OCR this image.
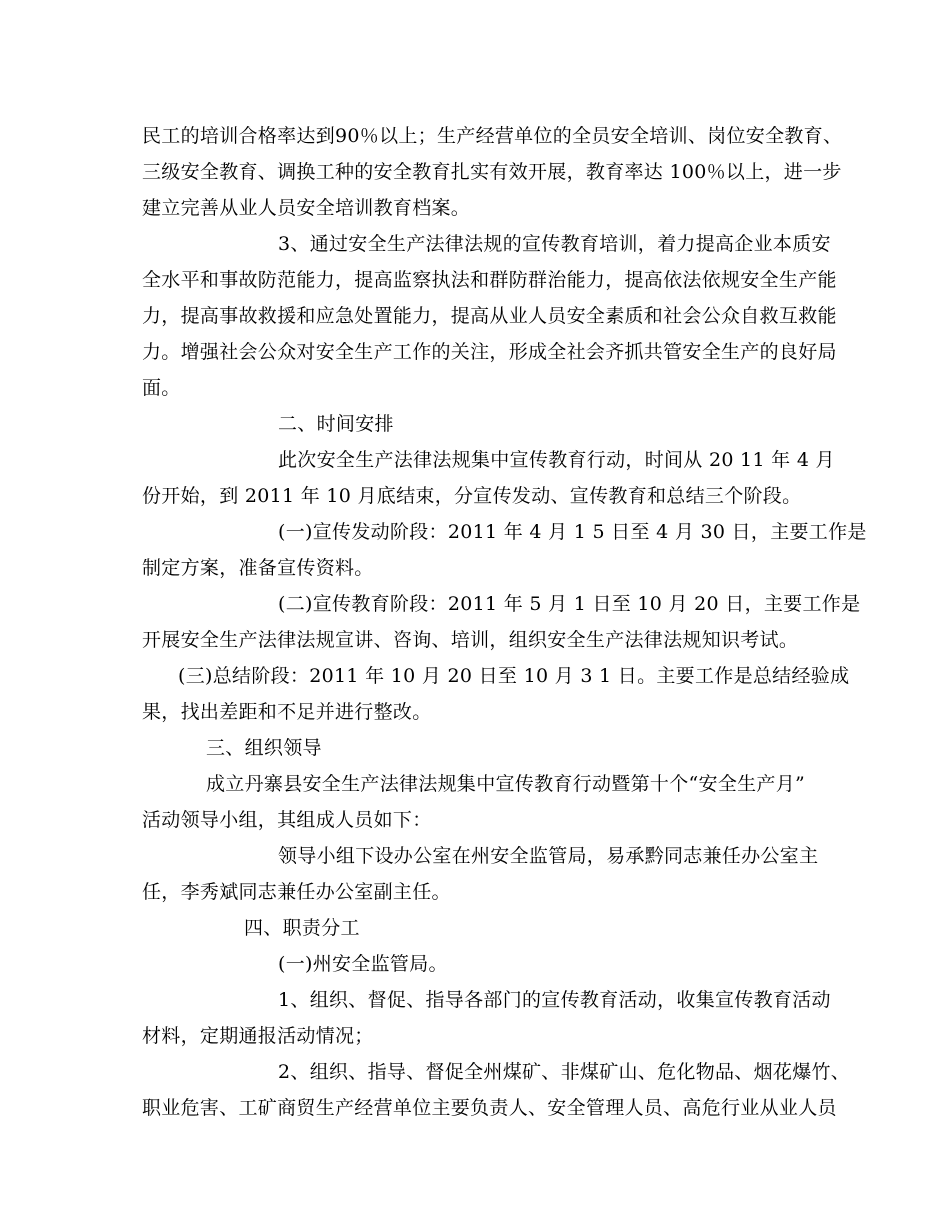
民工的培训合格率达到90％以上；生产经营单位的全员安全培训、岗位安全教育、
三级安全教育、调换工种的安全教育扎实有效开展，教育率达 100％以上，进一步
建立完善从业人员安全培训教育档案。
3、通过安全生产法律法规的宣传教育培训，着力提高企业本质安
全水平和事故防范能力，提高监察执法和群防群治能力，提高依法依规安全生产能
力，提高事故救援和应急处置能力，提高从业人员安全素质和社会公众自救互救能
力。增强社会公众对安全生产工作的关注，形成全社会齐抓共管安全生产的良好局
面。
二、时间安排
此次安全生产法律法规集中宣传教育行动，时间从 20 11 年 4 月
份开始，到 2011 年 10 月底结束，分宣传发动、宣传教育和总结三个阶段。
(一)宣传发动阶段：2011 年 4 月 1 5 日至 4 月 30 日，主要工作是
制定方案，准备宣传资料。
(二)宣传教育阶段：2011 年 5 月 1 日至 10 月 20 日，主要工作是
开展安全生产法律法规宣讲、咨询、培训，组织安全生产法律法规知识考试。
(三)总结阶段：2011 年 10 月 20 日至 10 月 3 1 日。主要工作是总结经验成
果，找出差距和不足并进行整改。
三、组织领导
成立丹寨县安全生产法律法规集中宣传教育行动暨第十个“安全生产月”
活动领导小组，其组成人员如下：
领导小组下设办公室在州安全监管局，易承黔同志兼任办公室主
任，李秀斌同志兼任办公室副主任。
四、职责分工
(一)州安全监管局。
1、组织、督促、指导各部门的宣传教育活动，收集宣传教育活动
材料，定期通报活动情况；
2、组织、指导、督促全州煤矿、非煤矿山、危化物品、烟花爆竹、
职业危害、工矿商贸生产经营单位主要负责人、安全管理人员、高危行业从业人员
